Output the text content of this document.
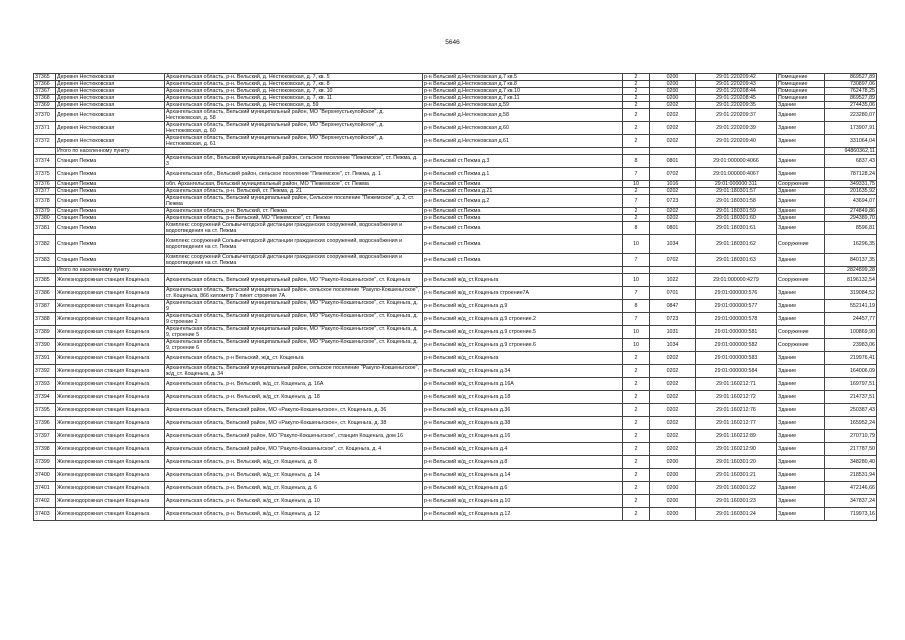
5646
37365	Деревня Нестюковская	Архангельская область, р-н. Вельский, д. Нестюковская, д. 7, кв. 5	р-н Вельский д.Нестюковская д.7 кв.5	2	0200	29:01:220209:42	Помещение	869527,89
37366	Деревня Нестюковская	Архангельская область, р-н. Вельский, д. Нестюковская, д. 7, кв. 8	р-н Вельский д.Нестюковская д.7 кв.8	2	0200	29:01:220209:43	Помещение	730897,06
37367	Деревня Нестюковская	Архангельская область, р-н. Вельский, д. Нестюковская, д. 7, кв. 10	р-н Вельский д.Нестюковская д.7 кв.10	2	0200	29:01:220208:44	Помещение	762478,25
37368	Деревня Нестюковская	Архангельская область, р-н. Вельский, д. Нестюковская, д. 7, кв. 11	р-н Вельский д.Нестюковская д.7 кв.11	2	0200	29:01:220208:45	Помещение	869527,89
37369	Деревня Нестюковская	Архангельская область, р-н. Вельский, д. Нестюковская, д. 59	р-н Вельский д.Нестюковская д.59	2	0202	29:01:220209:35	Здание	274435,06
37370	Деревня Нестюковская	Архангельская область, Вельский муниципальный район, МО "Верхнеустькулойское", д. Нестюковская, д. 58	р-н Вельский д.Нестюковская д.58	2	0202	29:01:220209:37	Здание	223280,07
37371	Деревня Нестюковская	Архангельская область, Вельский муниципальный район, МО "Верхнеустькулойское", д. Нестюковская, д. 60	р-н Вельский д.Нестюковская д.60	2	0202	29:01:220209:39	Здание	173907,91
37372	Деревня Нестюковская	Архангельская область, Вельский муниципальный район, МО "Верхнеустькулойское", д. Нестюковская, д. 61	р-н Вельский д.Нестюковская д.61	2	0202	29:01:220209:40	Здание	331064,04
	Итого по населенному пункту							94860362,11
37374	Станция Пежма	Архангельская обл., Вельский муниципальный район, сельское поселение "Пежемское", ст. Пежма, д. 3	р-н Вельский ст.Пежма д.3	8	0801	29:01:000000:4066	Здание	6837,43
37375	Станция Пежма	Архангельская обл., Вельский район, сельское поселение "Пежемское", ст. Пежма, д. 1	р-н Вельский ст.Пежма д.1	7	0702	29:01:000000:4067	Здание	787128,24
37376	Станция Пежма	обл. Архангельская, Вельский муниципальный район, МО "Пежемское", ст. Пежма	р-н Вельский ст.Пежма	10	1016	29:01:000000:311	Сооружение	349331,75
37377	Станция Пежма	Архангельская область, р-н. Вельский, ст. Пежма, д. 21	р-н Вельский ст.Пежма д.21	2	0202	29:01:180301:57	Здание	201635,92
37378	Станция Пежма	Архангельская область, Вельский муниципальный район, Сельское поселение "Пежемское", д. 2, ст. Пежма	р-н Вельский ст.Пежма д.2	7	0723	29:01:180301:58	Здание	43694,07
37379	Станция Пежма	Архангельская область, р-н. Вельский, ст. Пежма	р-н Вельский ст.Пежма	2	0202	29:01:180301:59	Здание	274849,86
37380	Станция Пежма	Архангельская область, р-н Вельский, МО "Пежемское", ст. Пежма	р-н Вельский ст.Пежма	2	0202	29:01:180301:60	Здание	294389,70
37381	Станция Пежма	Комплекс сооружений Сольвычегодской дистанции гражданских сооружений, водоснабжения и водоотведения на ст. Пежма	р-н Вельский ст.Пежма	8	0801	29:01:180301:61	Здание	8596,81
37382	Станция Пежма	Комплекс сооружений Сольвычегодской дистанции гражданских сооружений, водоснабжения и водоотведения на ст. Пежма	р-н Вельский ст.Пежма	10	1034	29:01:180301:62	Сооружение	16296,35
37383	Станция Пежма	Комплекс сооружений Сольвычегодской дистанции гражданских сооружений, водоснабжения и водоотведения на ст. Пежма	р-н Вельский ст.Пежма	7	0702	29:01:180301:63	Здание	840137,35
	Итого по населенному пункту							2824899,28
37385	Железнодорожная станция Кощеньга	Архангельская область, Вельский муниципальный район, МО "Ракуло-Кокшеньгское", ст. Кощеньга	р-н Вельский ж/д_ст.Кощеньга	10	1022	29:01:000000:4279	Сооружение	8196132,54
37386	Железнодорожная станция Кощеньга	Архангельская область, Вельский муниципальный район, сельское поселение "Ракуло-Кокшеньгское", ст. Кощеньга, 866 километр 7 пикет строение 7А	р-н Вельский ж/д_ст.Кощеньга строение7А	7	0701	29:01:000000:576	Здание	319084,52
37387	Железнодорожная станция Кощеньга	Архангельская область, Вельский муниципальный район, МО "Ракуло-Кокшеньгское", ст. Кощеньга, д. 9	р-н Вельский ж/д_ст.Кощеньга д.9	8	0847	29:01:000000:577	Здание	552141,19
37388	Железнодорожная станция Кощеньга	Архангельская область, Вельский муниципальный район, МО "Ракуло-Кокшеньгское", ст. Кощеньга, д. 9 строение 2	р-н Вельский ж/д_ст.Кощеньга д.9 строение.2	7	0723	29:01:000000:578	Здание	24457,77
37389	Железнодорожная станция Кощеньга	Архангельская область, Вельский муниципальный район, МО "Ракуло-Кокшеньгское", ст. Кощеньга, д. 9, строение 5	р-н Вельский ж/д_ст.Кощеньга д.9 строение.5	10	1031	29:01:000000:581	Сооружение	100869,90
37390	Железнодорожная станция Кощеньга	Архангельская область, Вельский муниципальный район, МО "Ракуло-Кокшеньгское", ст. Кощеньга, д. 9, строение 6	р-н Вельский ж/д_ст.Кощеньга д.9 строение.6	10	1034	29:01:000000:582	Сооружение	23983,06
37391	Железнодорожная станция Кощеньга	Архангельская область, р-н Вельский, ж/д_ст. Кощеньга	р-н Вельский ж/д_ст.Кощеньга	2	0202	29:01:000000:583	Здание	219976,41
37392	Железнодорожная станция Кощеньга	Архангельская область, Вельский муниципальный район, сельское поселение "Ракуло-Кокшеньгское", ж/д_ст. Кощеньга, д. 34	р-н Вельский ж/д_ст.Кощеньга д.34	2	0202	29:01:000000:584	Здание	164006,09
37393	Железнодорожная станция Кощеньга	Архангельская область, р-н. Вельский, ж/д_ст. Кощеньга, д. 16А	р-н Вельский ж/д_ст.Кощеньга д.16А	2	0202	29:01:160212:71	Здание	169797,51
37394	Железнодорожная станция Кощеньга	Архангельская область, р-н. Вельский, ж/д_ст. Кощеньга, д. 18	р-н Вельский ж/д_ст.Кощеньга д.18	2	0202	29:01:160212:72	Здание	214737,51
37395	Железнодорожная станция Кощеньга	Архангельская область, Вельский район, МО «Ракуло-Кокшеньгское», ст. Кощеньга, д. 36	р-н Вельский ж/д_ст.Кощеньга д.36	2	0202	29:01:160212:76	Здание	250387,43
37396	Железнодорожная станция Кощеньга	Архангельская область, Вельский район, МО «Ракуло-Кокшеньгское», ст. Кощеньга, д. 38	р-н Вельский ж/д_ст.Кощеньга д.38	2	0202	29:01:160212:77	Здание	165952,24
37397	Железнодорожная станция Кощеньга	Архангельская область, Вельский район, МО "Ракуло-Кокшеньгское", станция Кощеньга, дом 16	р-н Вельский ж/д_ст.Кощеньга д.16	2	0202	29:01:160212:89	Здание	270710,79
37398	Железнодорожная станция Кощеньга	Архангельская область, Вельский район, МО "Ракуло-Кокшеньгское", ст. Кощеньга, д. 4	р-н Вельский ж/д_ст.Кощеньга д.4	2	0202	29:01:160212:90	Здание	217787,50
37399	Железнодорожная станция Кощеньга	Архангельская область, р-н. Вельский, ж/д_ст. Кощеньга, д. 8	р-н Вельский ж/д_ст.Кощеньга д.8	2	0200	29:01:160301:20	Здание	348280,40
37400	Железнодорожная станция Кощеньга	Архангельская область, р-н. Вельский, ж/д_ст. Кощеньга, д. 14	р-н Вельский ж/д_ст.Кощеньга д.14	2	0200	29:01:160301:21	Здание	218531,94
37401	Железнодорожная станция Кощеньга	Архангельская область, р-н. Вельский, ж/д_ст. Кощеньга, д. 6	р-н Вельский ж/д_ст.Кощеньга д.6	2	0200	29:01:160301:22	Здание	472146,66
37402	Железнодорожная станция Кощеньга	Архангельская область, р-н. Вельский, ж/д_ст. Кощеньга, д. 10	р-н Вельский ж/д_ст.Кощеньга д.10	2	0200	29:01:160301:23	Здание	347837,24
37403	Железнодорожная станция Кощеньга	Архангельская область, р-н. Вельский, ж/д_ст. Кощеньга, д. 12	р-н Вельский ж/д_ст.Кощеньга д.12	2	0200	29:01:160301:24	Здание	719973,16
